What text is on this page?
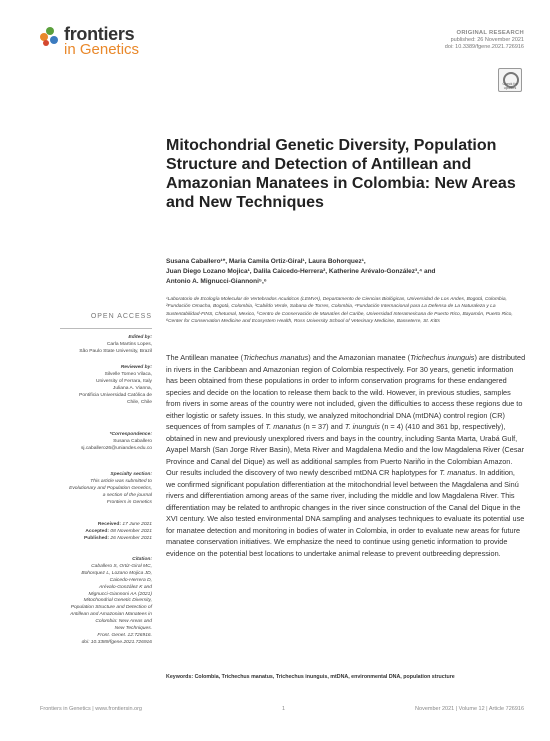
frontiers
in Genetics
ORIGINAL RESEARCH
published: 26 November 2021
doi: 10.3389/fgene.2021.726916
Check for updates
Mitochondrial Genetic Diversity, Population Structure and Detection of Antillean and Amazonian Manatees in Colombia: New Areas and New Techniques
Susana Caballero¹*, Maria Camila Ortiz-Giral¹, Laura Bohorquez¹,
Juan Diego Lozano Mojica¹, Dalila Caicedo-Herrera², Katherine Arévalo-González³,⁴ and
Antonio A. Mignucci-Giannoni⁵,⁶
¹Laboratorio de Ecología Molecular de Vertebrados Acuáticos (LEMVA), Departamento de Ciencias Biológicas, Universidad de Los Andes, Bogotá, Colombia, ²Fundación Omacha, Bogotá, Colombia, ³Cabildo Verde, Sabana de Torres, Colombia, ⁴Fundación Internacional para La Defensa de La Naturaleza y La Sustentabilidad-FINS, Chetumal, Mexico, ⁵Centro de Conservación de Manatíes del Caribe, Universidad Interamericana de Puerto Rico, Bayamón, Puerto Rico, ⁶Center for Conservation Medicine and Ecosystem Health, Ross University School of Veterinary Medicine, Basseterre, St. Kitts
OPEN ACCESS
Edited by:
Carla Martins Lopes,
São Paulo State University, Brazil
Reviewed by:
Silvelle Tomeo Vilaca,
University of Ferrara, Italy
Juliana A. Vianna,
Pontificia Universidad Católica de
Chile, Chile
*Correspondence:
Susana Caballero
sj.caballero26@uniandes.edu.co
Specialty section:
This article was submitted to
Evolutionary and Population Genetics,
a section of the journal
Frontiers in Genetics
Received: 17 June 2021
Accepted: 08 November 2021
Published: 26 November 2021
Citation:
Caballero S, Ortiz-Giral MC,
Bohorquez L, Lozano Mojica JD,
Caicedo-Herrera D,
Arévalo-González K and
Mignucci-Giannoni AA (2021)
Mitochondrial Genetic Diversity,
Population Structure and Detection of
Antillean and Amazonian Manatees in
Colombia: New Areas and
New Techniques.
Front. Genet. 12:726916.
doi: 10.3389/fgene.2021.726916

The Antillean manatee (Trichechus manatus) and the Amazonian manatee (Trichechus inunguis) are distributed in rivers in the Caribbean and Amazonian region of Colombia respectively. For 30 years, genetic information has been obtained from these populations in order to inform conservation programs for these endangered species and decide on the location to release them back to the wild. However, in previous studies, samples from rivers in some areas of the country were not included, given the difficulties to access these regions due to either logistic or safety issues. In this study, we analyzed mitochondrial DNA (mtDNA) control region (CR) sequences of from samples of T. manatus (n = 37) and T. inunguis (n = 4) (410 and 361 bp, respectively), obtained in new and previously unexplored rivers and bays in the country, including Santa Marta, Urabá Gulf, Ayapel Marsh (San Jorge River Basin), Meta River and Magdalena Medio and the low Magdalena River (Cesar Province and Canal del Dique) as well as additional samples from Puerto Nariño in the Colombian Amazon. Our results included the discovery of two newly described mtDNA CR haplotypes for T. manatus. In addition, we confirmed significant population differentiation at the mitochondrial level between the Magdalena and Sinú rivers and differentiation among areas of the same river, including the middle and low Magdalena River. This differentiation may be related to anthropic changes in the river since construction of the Canal del Dique in the XVI century. We also tested environmental DNA sampling and analyses techniques to evaluate its potential use for manatee detection and monitoring in bodies of water in Colombia, in order to evaluate new areas for future manatee conservation initiatives. We emphasize the need to continue using genetic information to provide evidence on the potential best locations to undertake animal release to prevent outbreeding depression.

Keywords: Colombia, Trichechus manatus, Trichechus inunguis, mtDNA, environmental DNA, population structure
Frontiers in Genetics | www.frontiersin.org	1	November 2021 | Volume 12 | Article 726916
